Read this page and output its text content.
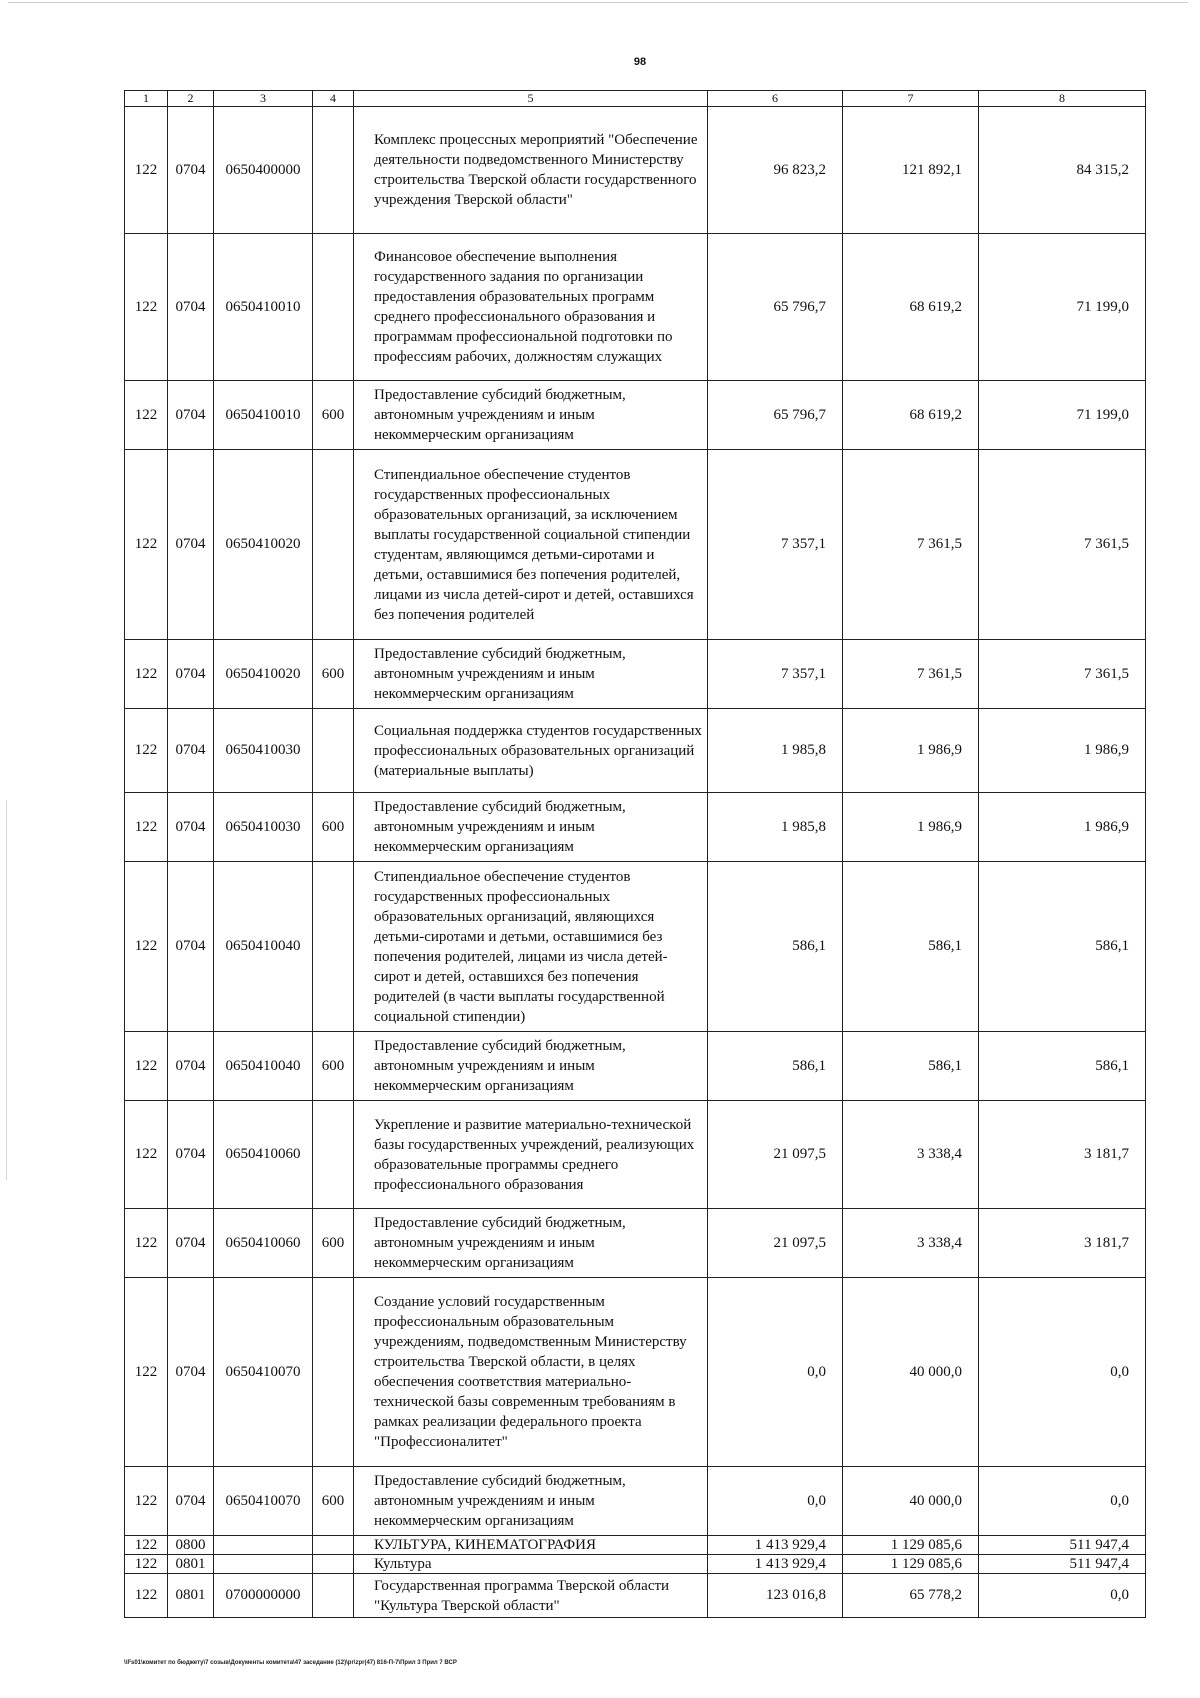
98
1	2	3	4	5	6	7	8
122	0704	0650400000		Комплекс процессных мероприятий "Обеспечение деятельности подведомственного Министерству строительства Тверской области государственного учреждения Тверской области"	96 823,2	121 892,1	84 315,2
122	0704	0650410010		Финансовое обеспечение выполнения государственного задания по организации предоставления образовательных программ среднего профессионального образования и программам профессиональной подготовки по профессиям рабочих, должностям служащих	65 796,7	68 619,2	71 199,0
122	0704	0650410010	600	Предоставление субсидий бюджетным, автономным учреждениям и иным некоммерческим организациям	65 796,7	68 619,2	71 199,0
122	0704	0650410020		Стипендиальное обеспечение студентов государственных профессиональных образовательных организаций, за исключением выплаты государственной социальной стипендии студентам, являющимся детьми-сиротами и детьми, оставшимися без попечения родителей, лицами из числа детей-сирот и детей, оставшихся без попечения родителей	7 357,1	7 361,5	7 361,5
122	0704	0650410020	600	Предоставление субсидий бюджетным, автономным учреждениям и иным некоммерческим организациям	7 357,1	7 361,5	7 361,5
122	0704	0650410030		Социальная поддержка студентов государственных профессиональных образовательных организаций (материальные выплаты)	1 985,8	1 986,9	1 986,9
122	0704	0650410030	600	Предоставление субсидий бюджетным, автономным учреждениям и иным некоммерческим организациям	1 985,8	1 986,9	1 986,9
122	0704	0650410040		Стипендиальное обеспечение студентов государственных профессиональных образовательных организаций, являющихся детьми-сиротами и детьми, оставшимися без попечения родителей, лицами из числа детей-сирот и детей, оставшихся без попечения родителей (в части выплаты государственной социальной стипендии)	586,1	586,1	586,1
122	0704	0650410040	600	Предоставление субсидий бюджетным, автономным учреждениям и иным некоммерческим организациям	586,1	586,1	586,1
122	0704	0650410060		Укрепление и развитие материально-технической базы государственных учреждений, реализующих образовательные программы среднего профессионального образования	21 097,5	3 338,4	3 181,7
122	0704	0650410060	600	Предоставление субсидий бюджетным, автономным учреждениям и иным некоммерческим организациям	21 097,5	3 338,4	3 181,7
122	0704	0650410070		Создание условий государственным профессиональным образовательным учреждениям, подведомственным Министерству строительства Тверской области, в целях обеспечения соответствия материально-технической базы современным требованиям в рамках реализации федерального проекта "Профессионалитет"	0,0	40 000,0	0,0
122	0704	0650410070	600	Предоставление субсидий бюджетным, автономным учреждениям и иным некоммерческим организациям	0,0	40 000,0	0,0
122	0800			КУЛЬТУРА, КИНЕМАТОГРАФИЯ	1 413 929,4	1 129 085,6	511 947,4
122	0801			Культура	1 413 929,4	1 129 085,6	511 947,4
122	0801	0700000000		Государственная программа Тверской области "Культура Тверской области"	123 016,8	65 778,2	0,0
\\Fs01\комитет по бюджету\7 созыв\Документы комитета\47 заседание (12)\pr\zpr(47) 816-П-7\Прил 3 Прил 7 ВСР
